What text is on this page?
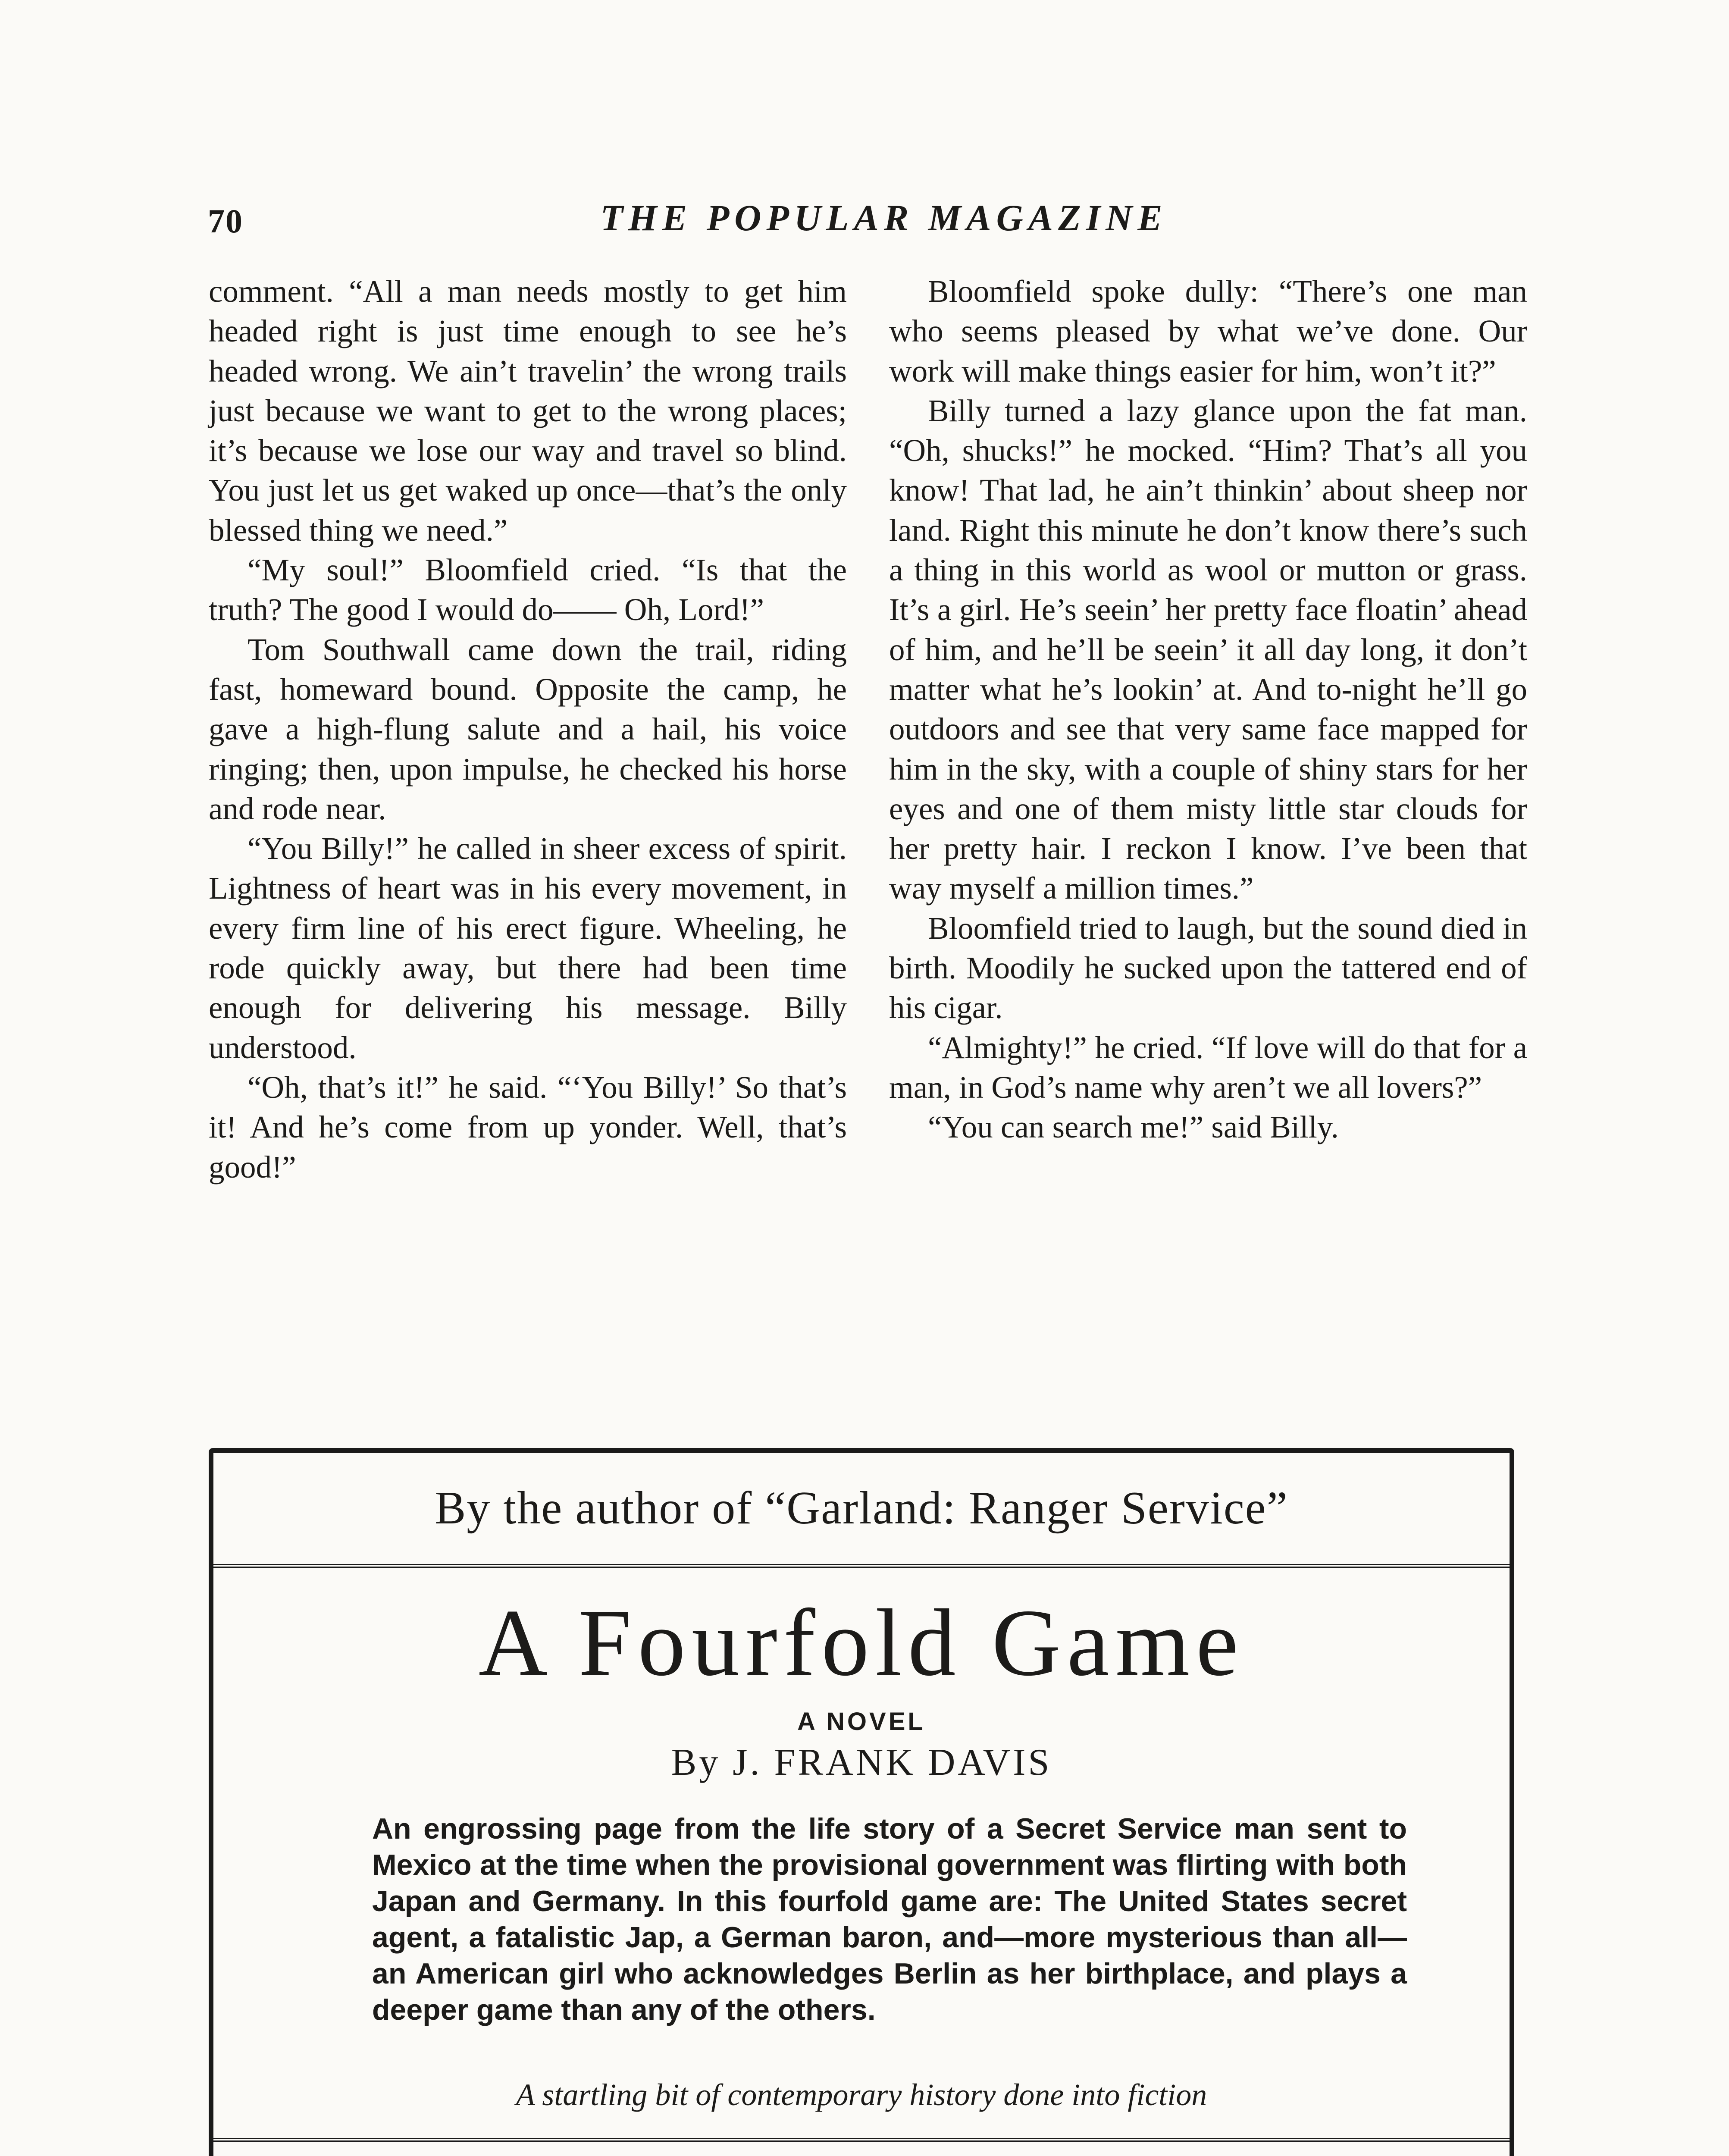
70	THE POPULAR MAGAZINE

comment. “All a man needs mostly to get him headed right is just time enough to see he’s headed wrong. We ain’t travelin’ the wrong trails just because we want to get to the wrong places; it’s because we lose our way and travel so blind. You just let us get waked up once—that’s the only blessed thing we need.”

“My soul!” Bloomfield cried. “Is that the truth? The good I would do—— Oh, Lord!”

Tom Southwall came down the trail, riding fast, homeward bound. Opposite the camp, he gave a high-flung salute and a hail, his voice ringing; then, upon impulse, he checked his horse and rode near.

“You Billy!” he called in sheer excess of spirit. Lightness of heart was in his every movement, in every firm line of his erect figure. Wheeling, he rode quickly away, but there had been time enough for delivering his message. Billy understood.

“Oh, that’s it!” he said. “‘You Billy!’ So that’s it! And he’s come from up yonder. Well, that’s good!”

Bloomfield spoke dully: “There’s one man who seems pleased by what we’ve done. Our work will make things easier for him, won’t it?”

Billy turned a lazy glance upon the fat man. “Oh, shucks!” he mocked. “Him? That’s all you know! That lad, he ain’t thinkin’ about sheep nor land. Right this minute he don’t know there’s such a thing in this world as wool or mutton or grass. It’s a girl. He’s seein’ her pretty face floatin’ ahead of him, and he’ll be seein’ it all day long, it don’t matter what he’s lookin’ at. And to-night he’ll go outdoors and see that very same face mapped for him in the sky, with a couple of shiny stars for her eyes and one of them misty little star clouds for her pretty hair. I reckon I know. I’ve been that way myself a million times.”

Bloomfield tried to laugh, but the sound died in birth. Moodily he sucked upon the tattered end of his cigar.

“Almighty!” he cried. “If love will do that for a man, in God’s name why aren’t we all lovers?”

“You can search me!” said Billy.

By the author of “Garland: Ranger Service”
A Fourfold Game
A NOVEL
By J. FRANK DAVIS
An engrossing page from the life story of a Secret Service man sent to Mexico at the time when the provisional government was flirting with both Japan and Germany. In this fourfold game are: The United States secret agent, a fatalistic Jap, a German baron, and—more mysterious than all—an American girl who acknowledges Berlin as her birthplace, and plays a deeper game than any of the others.
A startling bit of contemporary history done into fiction
